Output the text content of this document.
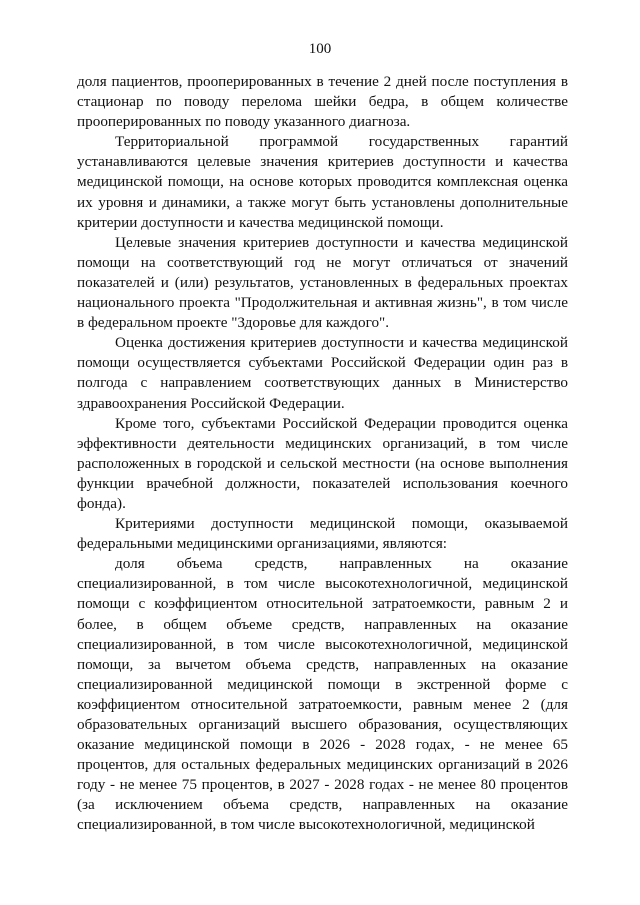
100

доля пациентов, прооперированных в течение 2 дней после поступления в стационар по поводу перелома шейки бедра, в общем количестве прооперированных по поводу указанного диагноза.

Территориальной программой государственных гарантий устанавливаются целевые значения критериев доступности и качества медицинской помощи, на основе которых проводится комплексная оценка их уровня и динамики, а также могут быть установлены дополнительные критерии доступности и качества медицинской помощи.

Целевые значения критериев доступности и качества медицинской помощи на соответствующий год не могут отличаться от значений показателей и (или) результатов, установленных в федеральных проектах национального проекта "Продолжительная и активная жизнь", в том числе в федеральном проекте "Здоровье для каждого".

Оценка достижения критериев доступности и качества медицинской помощи осуществляется субъектами Российской Федерации один раз в полгода с направлением соответствующих данных в Министерство здравоохранения Российской Федерации.

Кроме того, субъектами Российской Федерации проводится оценка эффективности деятельности медицинских организаций, в том числе расположенных в городской и сельской местности (на основе выполнения функции врачебной должности, показателей использования коечного фонда).

Критериями доступности медицинской помощи, оказываемой федеральными медицинскими организациями, являются:

доля объема средств, направленных на оказание специализированной, в том числе высокотехнологичной, медицинской помощи с коэффициентом относительной затратоемкости, равным 2 и более, в общем объеме средств, направленных на оказание специализированной, в том числе высокотехнологичной, медицинской помощи, за вычетом объема средств, направленных на оказание специализированной медицинской помощи в экстренной форме с коэффициентом относительной затратоемкости, равным менее 2 (для образовательных организаций высшего образования, осуществляющих оказание медицинской помощи в 2026 - 2028 годах, - не менее 65 процентов, для остальных федеральных медицинских организаций в 2026 году - не менее 75 процентов, в 2027 - 2028 годах - не менее 80 процентов (за исключением объема средств, направленных на оказание специализированной, в том числе высокотехнологичной, медицинской
